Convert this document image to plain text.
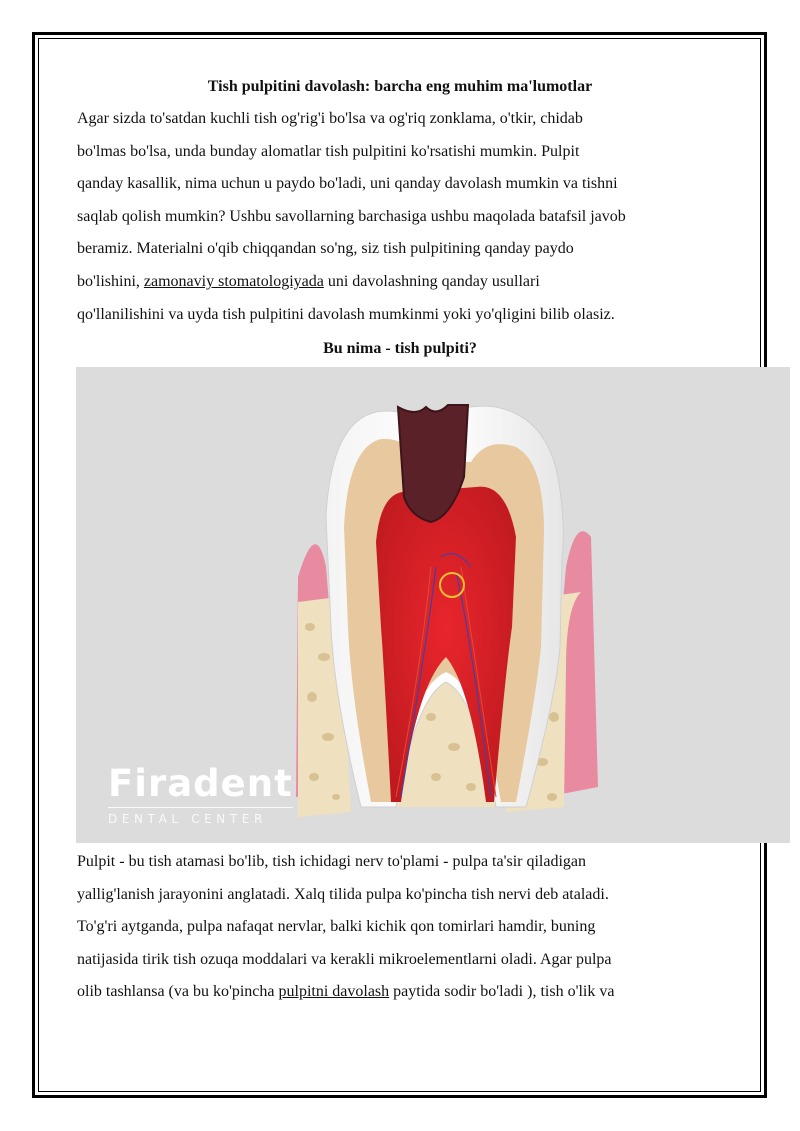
Tish pulpitini davolash: barcha eng muhim ma'lumotlar

Agar sizda to'satdan kuchli tish og'rig'i bo'lsa va og'riq zonklama, o'tkir, chidab
bo'lmas bo'lsa, unda bunday alomatlar tish pulpitini ko'rsatishi mumkin. Pulpit
qanday kasallik, nima uchun u paydo bo'ladi, uni qanday davolash mumkin va tishni
saqlab qolish mumkin? Ushbu savollarning barchasiga ushbu maqolada batafsil javob
beramiz. Materialni o'qib chiqqandan so'ng, siz tish pulpitining qanday paydo
bo'lishini, zamonaviy stomatologiyada uni davolashning qanday usullari
qo'llanilishini va uyda tish pulpitini davolash mumkinmi yoki yo'qligini bilib olasiz.

Bu nima - tish pulpiti?
Firadent
DENTAL CENTER

Pulpit - bu tish atamasi bo'lib, tish ichidagi nerv to'plami - pulpa ta'sir qiladigan
yallig'lanish jarayonini anglatadi. Xalq tilida pulpa ko'pincha tish nervi deb ataladi.
To'g'ri aytganda, pulpa nafaqat nervlar, balki kichik qon tomirlari hamdir, buning
natijasida tirik tish ozuqa moddalari va kerakli mikroelementlarni oladi. Agar pulpa
olib tashlansa (va bu ko'pincha pulpitni davolash paytida sodir bo'ladi ), tish o'lik va
